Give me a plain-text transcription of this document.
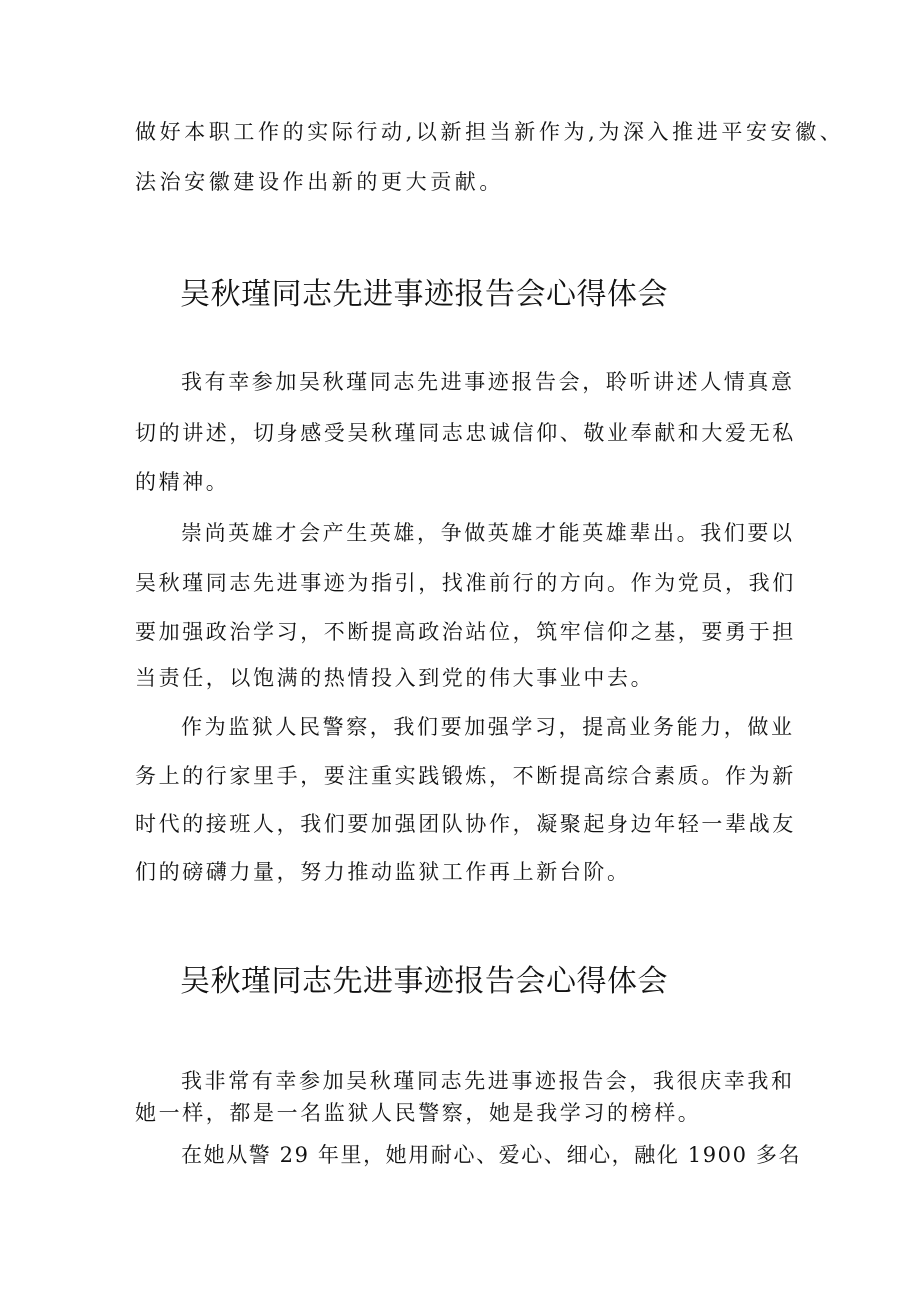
做好本职工作的实际行动,以新担当新作为,为深入推进平安安徽、
法治安徽建设作出新的更大贡献。
吴秋瑾同志先进事迹报告会心得体会
我有幸参加吴秋瑾同志先进事迹报告会，聆听讲述人情真意
切的讲述，切身感受吴秋瑾同志忠诚信仰、敬业奉献和大爱无私
的精神。
崇尚英雄才会产生英雄，争做英雄才能英雄辈出。我们要以
吴秋瑾同志先进事迹为指引，找准前行的方向。作为党员，我们
要加强政治学习，不断提高政治站位，筑牢信仰之基，要勇于担
当责任，以饱满的热情投入到党的伟大事业中去。
作为监狱人民警察，我们要加强学习，提高业务能力，做业
务上的行家里手，要注重实践锻炼，不断提高综合素质。作为新
时代的接班人，我们要加强团队协作，凝聚起身边年轻一辈战友
们的磅礴力量，努力推动监狱工作再上新台阶。
吴秋瑾同志先进事迹报告会心得体会
我非常有幸参加吴秋瑾同志先进事迹报告会，我很庆幸我和
她一样，都是一名监狱人民警察，她是我学习的榜样。
在她从警 29 年里，她用耐心、爱心、细心，融化 1900 多名
